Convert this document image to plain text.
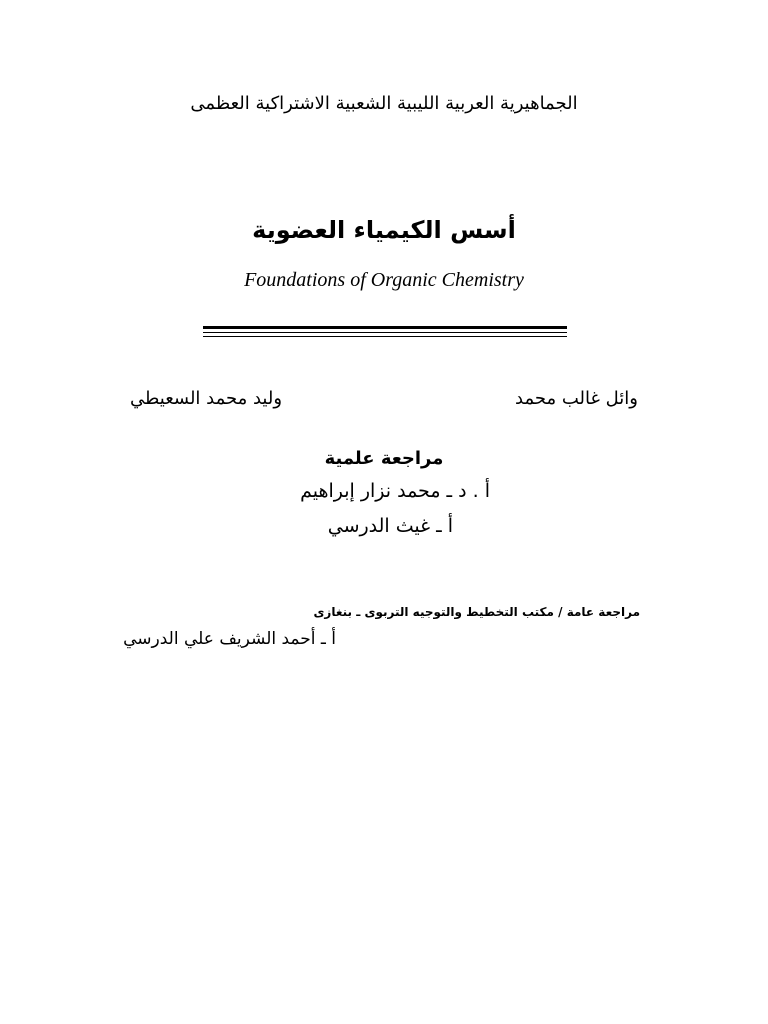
الجماهيرية العربية الليبية الشعبية الاشتراكية العظمى
أسس الكيمياء العضوية
Foundations of Organic Chemistry
وائل غالب محمد
وليد محمد السعيطي
مراجعة علمية
أ . د ـ محمد نزار إبراهيم
أ ـ غيث الدرسي
مراجعة عامة / مكتب التخطيط والتوجيه التربوى ـ بنغازى
أ ـ أحمد الشريف علي الدرسي
